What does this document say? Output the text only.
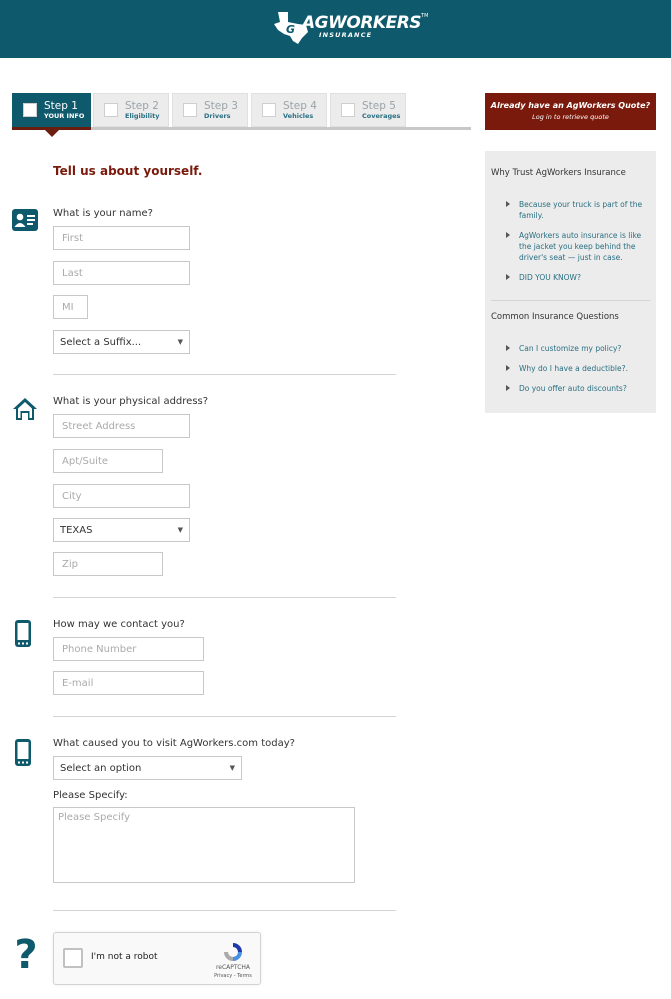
G AGWORKERS™
INSURANCE
Step 1
YOUR INFO
Step 2
Eligibility
Step 3
Drivers
Step 4
Vehicles
Step 5
Coverages
Already have an AgWorkers Quote?
Log in to retrieve quote
Tell us about yourself.
What is your name?
First
Last
MI
Select a Suffix...	▼
What is your physical address?
Street Address
Apt/Suite
City
TEXAS	▼
Zip
How may we contact you?
Phone Number
E-mail
What caused you to visit AgWorkers.com today?
Select an option	▼
Please Specify:
Please Specify
?	I'm not a robot
reCAPTCHA
Privacy - Terms
Why Trust AgWorkers Insurance
Because your truck is part of the family.
AgWorkers auto insurance is like the jacket you keep behind the driver's seat — just in case.
DID YOU KNOW?
Common Insurance Questions
Can I customize my policy?
Why do I have a deductible?.
Do you offer auto discounts?
